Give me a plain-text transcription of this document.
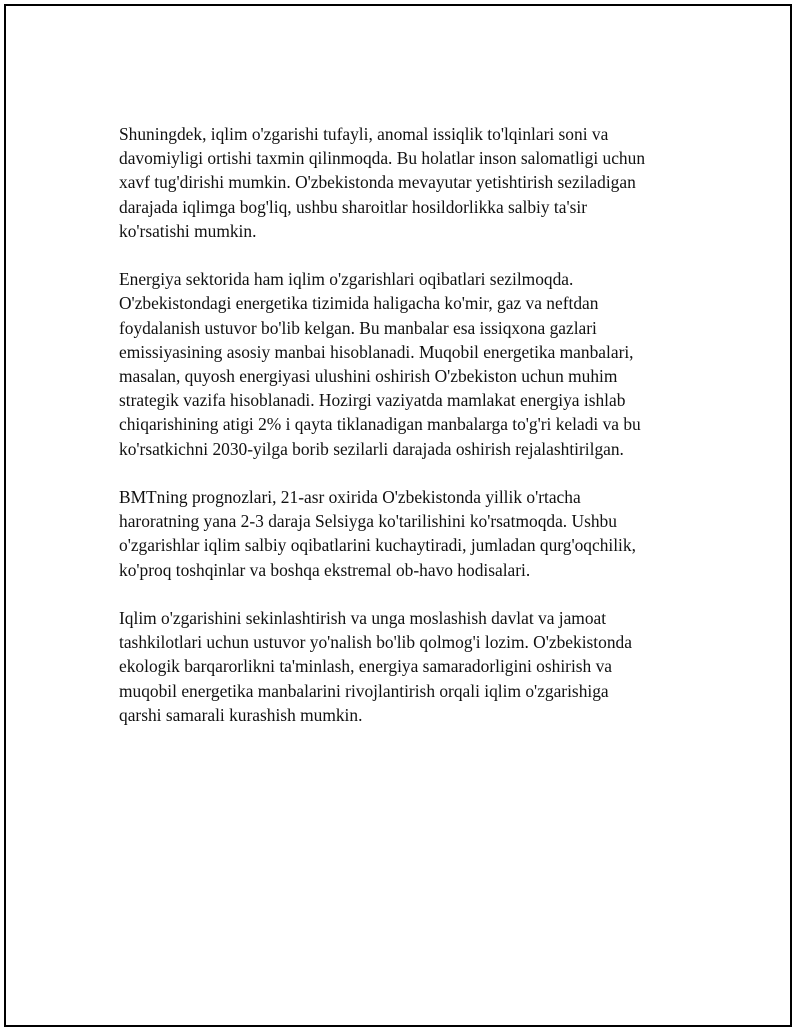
Shuningdek, iqlim o'zgarishi tufayli, anomal issiqlik to'lqinlari soni va
davomiyligi ortishi taxmin qilinmoqda. Bu holatlar inson salomatligi uchun
xavf tug'dirishi mumkin. O'zbekistonda mevayutar yetishtirish seziladigan
darajada iqlimga bog'liq, ushbu sharoitlar hosildorlikka salbiy ta'sir
ko'rsatishi mumkin.

Energiya sektorida ham iqlim o'zgarishlari oqibatlari sezilmoqda.
O'zbekistondagi energetika tizimida haligacha ko'mir, gaz va neftdan
foydalanish ustuvor bo'lib kelgan. Bu manbalar esa issiqxona gazlari
emissiyasining asosiy manbai hisoblanadi. Muqobil energetika manbalari,
masalan, quyosh energiyasi ulushini oshirish O'zbekiston uchun muhim
strategik vazifa hisoblanadi. Hozirgi vaziyatda mamlakat energiya ishlab
chiqarishining atigi 2% i qayta tiklanadigan manbalarga to'g'ri keladi va bu
ko'rsatkichni 2030-yilga borib sezilarli darajada oshirish rejalashtirilgan.

BMTning prognozlari, 21-asr oxirida O'zbekistonda yillik o'rtacha
haroratning yana 2-3 daraja Selsiyga ko'tarilishini ko'rsatmoqda. Ushbu
o'zgarishlar iqlim salbiy oqibatlarini kuchaytiradi, jumladan qurg'oqchilik,
ko'proq toshqinlar va boshqa ekstremal ob-havo hodisalari.

Iqlim o'zgarishini sekinlashtirish va unga moslashish davlat va jamoat
tashkilotlari uchun ustuvor yo'nalish bo'lib qolmog'i lozim. O'zbekistonda
ekologik barqarorlikni ta'minlash, energiya samaradorligini oshirish va
muqobil energetika manbalarini rivojlantirish orqali iqlim o'zgarishiga
qarshi samarali kurashish mumkin.
